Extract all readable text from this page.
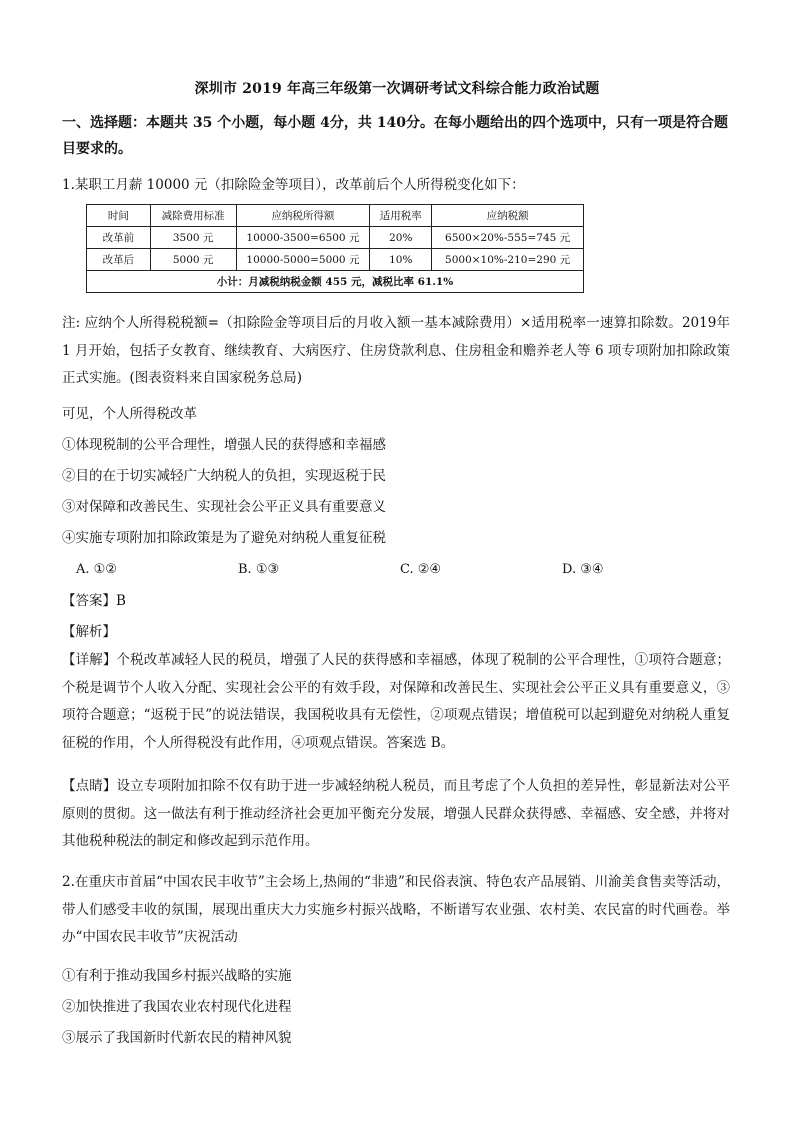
深圳市 2019 年高三年级第一次调研考试文科综合能力政治试题
一、选择题：本题共 35 个小题，每小题 4分，共 140分。在每小题给出的四个选项中，只有一项是符合题目要求的。
1.某职工月薪 10000 元（扣除险金等项目），改革前后个人所得税变化如下：
时间	减除费用标准	应纳税所得额	适用税率	应纳税额
改革前	3500 元	10000-3500=6500 元	20%	6500×20%-555=745 元
改革后	5000 元	10000-5000=5000 元	10%	5000×10%-210=290 元
小计：月减税纳税金额 455 元，减税比率 61.1%				
注: 应纳个人所得税税额=（扣除险金等项目后的月收入额一基本减除费用）×适用税率一速算扣除数。2019年 1 月开始，包括子女教育、继续教育、大病医疗、住房贷款利息、住房租金和赡养老人等 6 项专项附加扣除政策正式实施。(图表资料来自国家税务总局)
可见，个人所得税改革
①体现税制的公平合理性，增强人民的获得感和幸福感
②目的在于切实减轻广大纳税人的负担，实现返税于民
③对保障和改善民生、实现社会公平正义具有重要意义
④实施专项附加扣除政策是为了避免对纳税人重复征税
A. ①②	B. ①③	C. ②④	D. ③④
【答案】B
【解析】
【详解】个税改革减轻人民的税员，增强了人民的获得感和幸福感，体现了税制的公平合理性，①项符合题意；个税是调节个人收入分配、实现社会公平的有效手段，对保障和改善民生、实现社会公平正义具有重要意义，③项符合题意；“返税于民”的说法错误，我国税收具有无偿性，②项观点错误；增值税可以起到避免对纳税人重复征税的作用，个人所得税没有此作用，④项观点错误。答案选 B。
【点睛】设立专项附加扣除不仅有助于进一步减轻纳税人税员，而且考虑了个人负担的差异性，彰显新法对公平原则的贯彻。这一做法有利于推动经济社会更加平衡充分发展，增强人民群众获得感、幸福感、安全感，并将对其他税种税法的制定和修改起到示范作用。
2.在重庆市首届“中国农民丰收节”主会场上,热闹的“非遗”和民俗表演、特色农产品展销、川渝美食售卖等活动，带人们感受丰收的氛围，展现出重庆大力实施乡村振兴战略，不断谱写农业强、农村美、农民富的时代画卷。举办“中国农民丰收节”庆祝活动
①有利于推动我国乡村振兴战略的实施
②加快推进了我国农业农村现代化进程
③展示了我国新时代新农民的精神风貌
